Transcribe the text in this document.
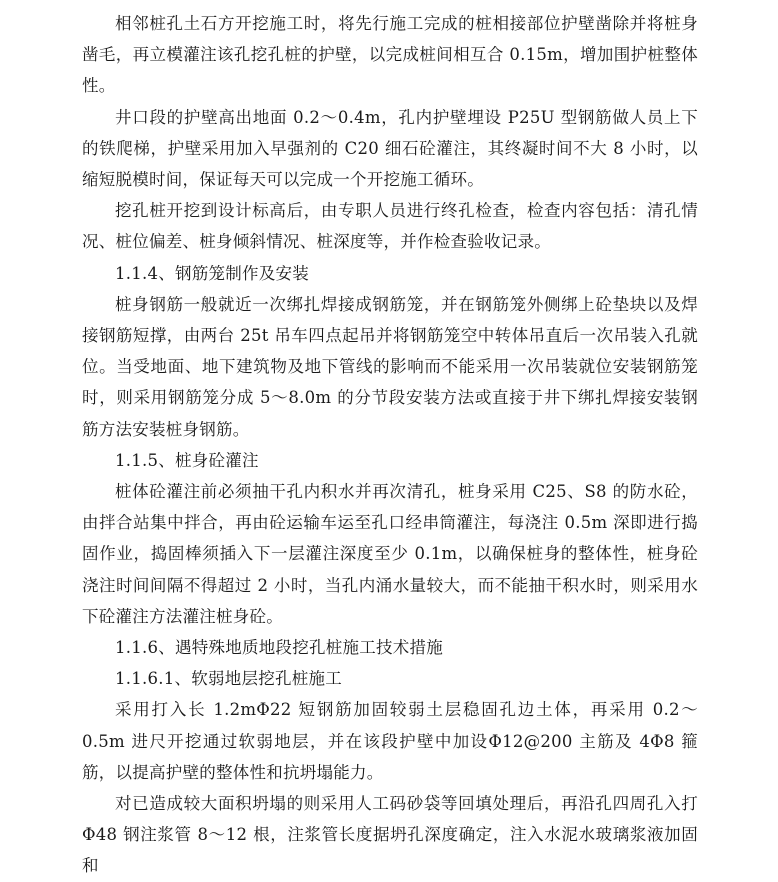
相邻桩孔土石方开挖施工时，将先行施工完成的桩相接部位护壁凿除并将桩身凿毛，再立模灌注该孔挖孔桩的护壁，以完成桩间相互合 0.15m，增加围护桩整体性。

井口段的护壁高出地面 0.2～0.4m，孔内护壁埋设 P25U 型钢筋做人员上下的铁爬梯，护壁采用加入早强剂的 C20 细石砼灌注，其终凝时间不大 8 小时，以缩短脱模时间，保证每天可以完成一个开挖施工循环。

挖孔桩开挖到设计标高后，由专职人员进行终孔检查，检查内容包括：清孔情况、桩位偏差、桩身倾斜情况、桩深度等，并作检查验收记录。

1.1.4、钢筋笼制作及安装

桩身钢筋一般就近一次绑扎焊接成钢筋笼，并在钢筋笼外侧绑上砼垫块以及焊接钢筋短撑，由两台 25t 吊车四点起吊并将钢筋笼空中转体吊直后一次吊装入孔就位。当受地面、地下建筑物及地下管线的影响而不能采用一次吊装就位安装钢筋笼时，则采用钢筋笼分成 5～8.0m 的分节段安装方法或直接于井下绑扎焊接安装钢筋方法安装桩身钢筋。

1.1.5、桩身砼灌注

桩体砼灌注前必须抽干孔内积水并再次清孔，桩身采用 C25、S8 的防水砼，由拌合站集中拌合，再由砼运输车运至孔口经串筒灌注，每浇注 0.5m 深即进行捣固作业，捣固棒须插入下一层灌注深度至少 0.1m，以确保桩身的整体性，桩身砼浇注时间间隔不得超过 2 小时，当孔内涌水量较大，而不能抽干积水时，则采用水下砼灌注方法灌注桩身砼。

1.1.6、遇特殊地质地段挖孔桩施工技术措施

1.1.6.1、软弱地层挖孔桩施工

采用打入长 1.2mΦ22 短钢筋加固较弱土层稳固孔边土体，再采用 0.2～0.5m 进尺开挖通过软弱地层，并在该段护壁中加设Φ12@200 主筋及 4Φ8 箍筋，以提高护壁的整体性和抗坍塌能力。

对已造成较大面积坍塌的则采用人工码砂袋等回填处理后，再沿孔四周孔入打Φ48 钢注浆管 8～12 根，注浆管长度据坍孔深度确定，注入水泥水玻璃浆液加固和
